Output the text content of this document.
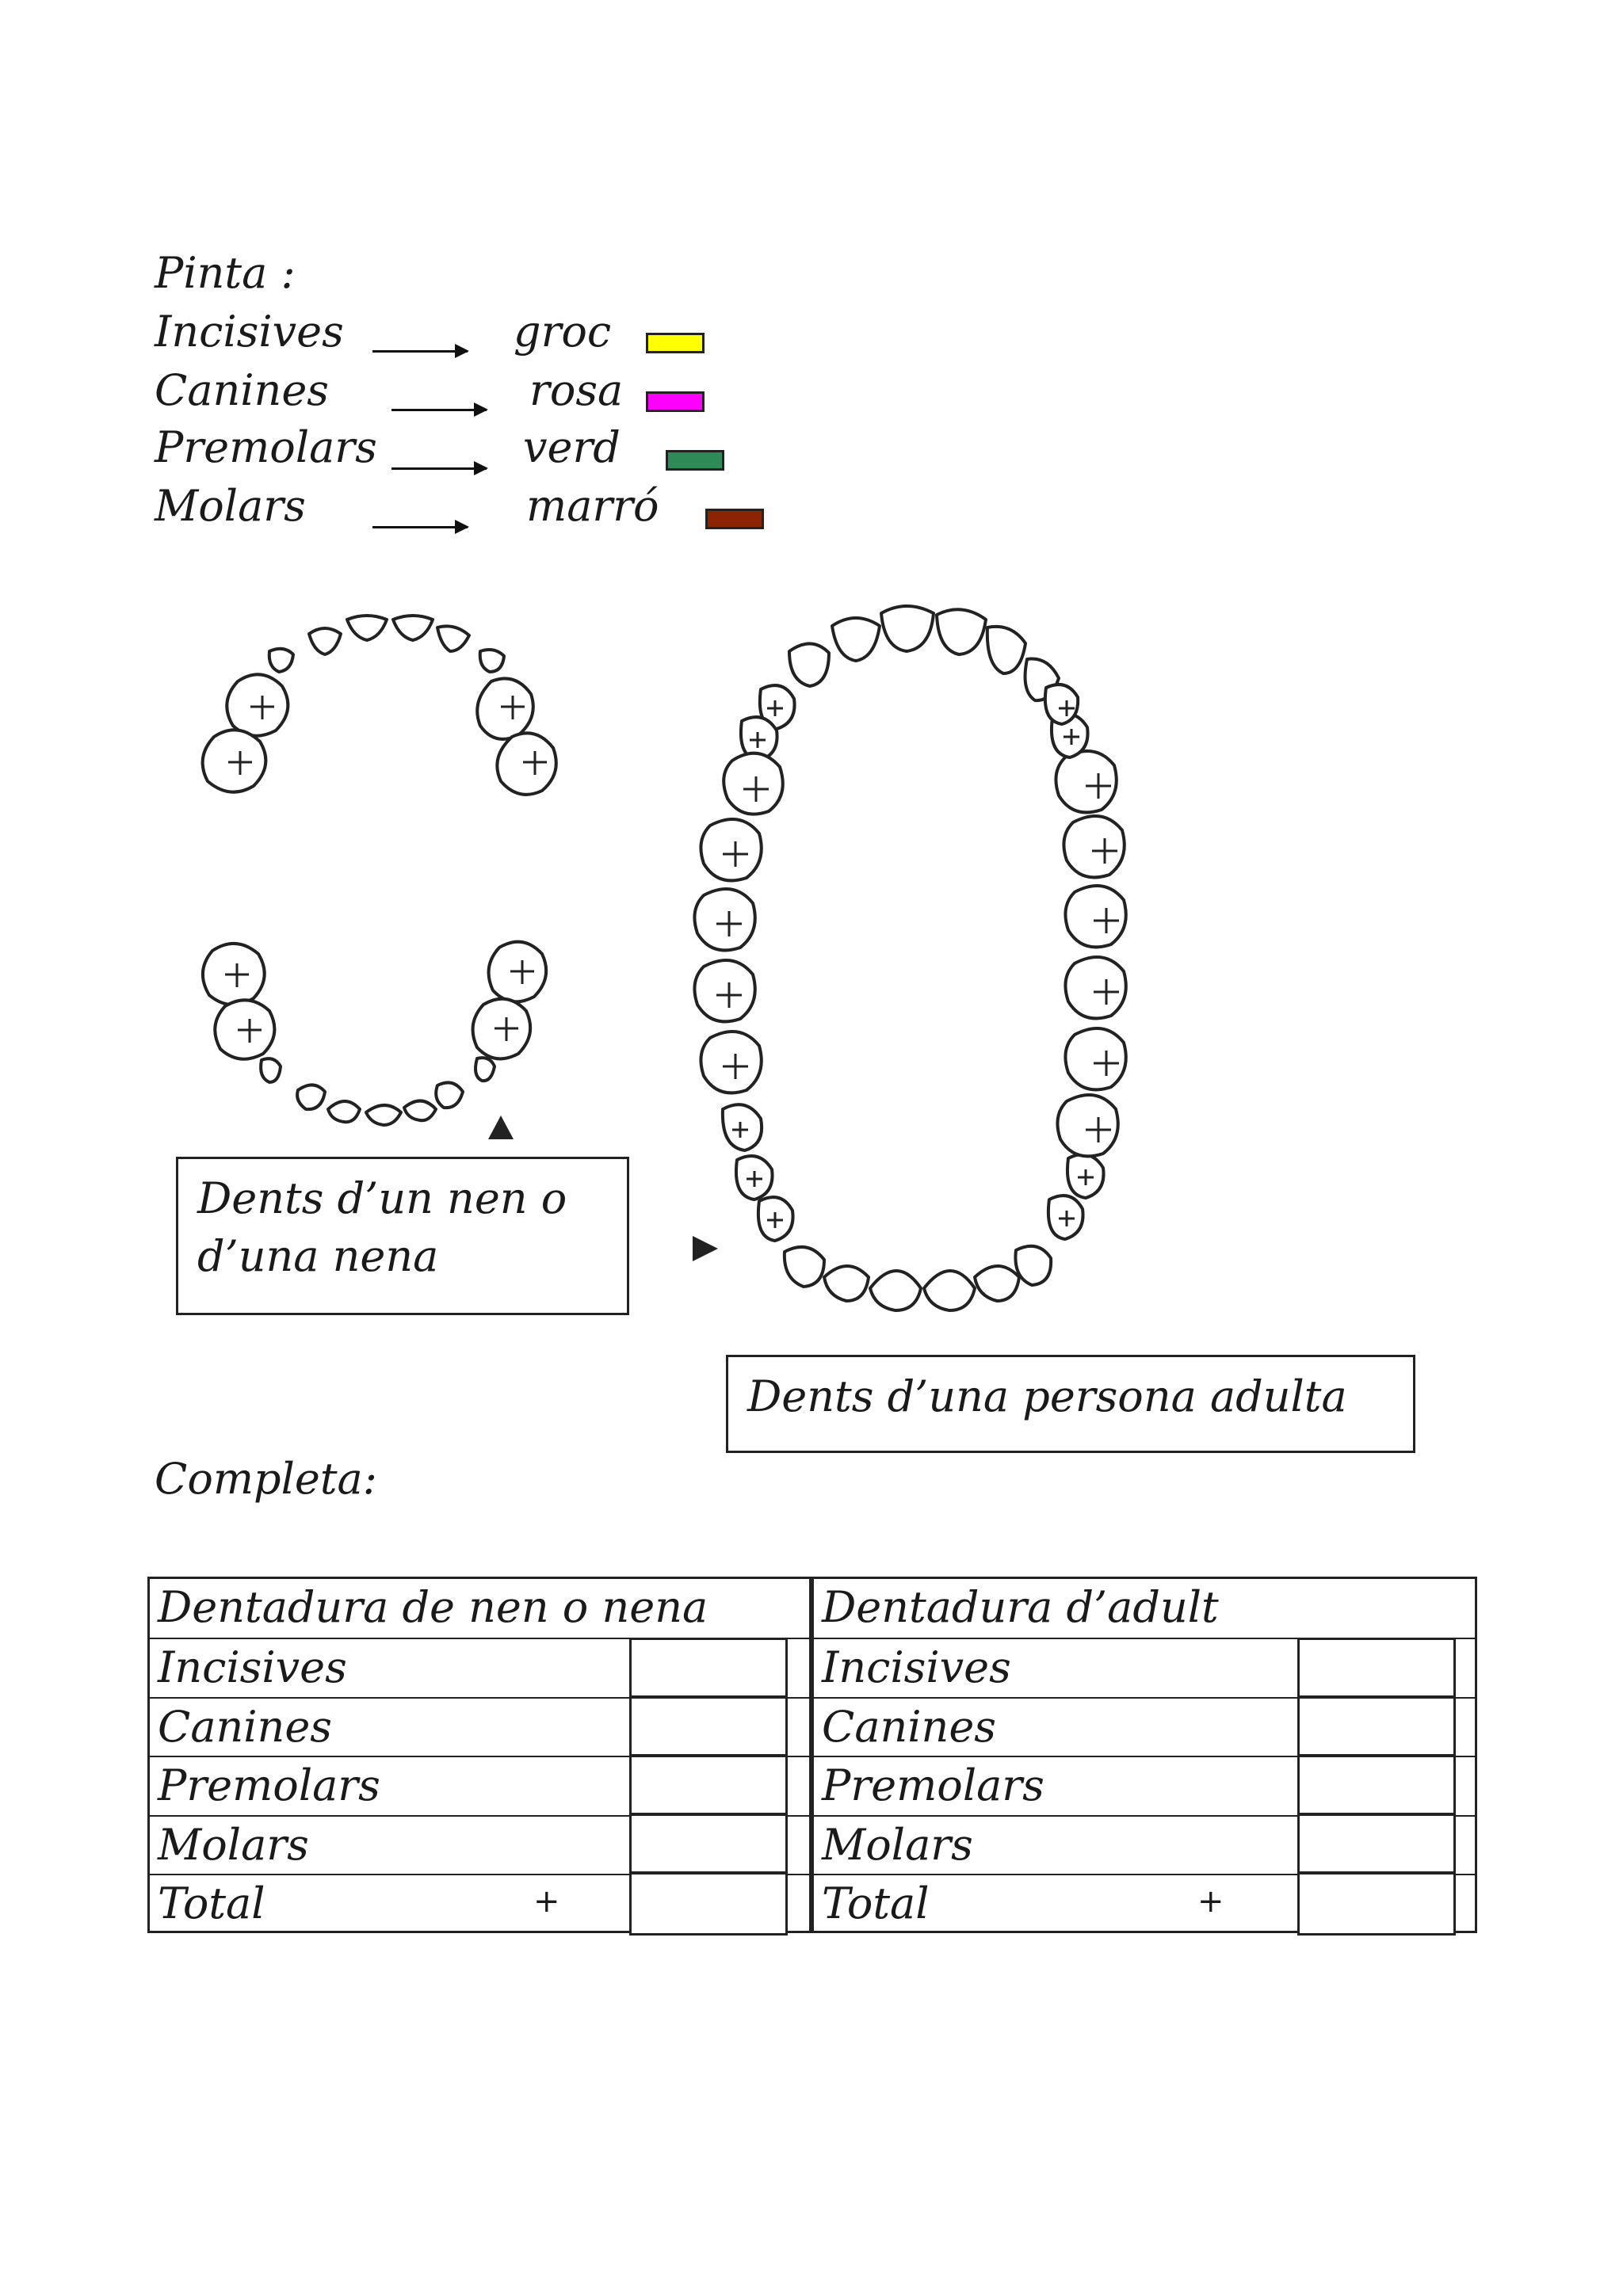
Pinta :
Incisives	groc
Canines	rosa
Premolars	verd
Molars	marró
Dents d’un nen o d’una nena
Dents d’una persona adulta
Completa:
Dentadura de nen o nena
Incisives
Canines
Premolars
Molars
Total	+
Dentadura d’adult
Incisives
Canines
Premolars
Molars
Total	+
